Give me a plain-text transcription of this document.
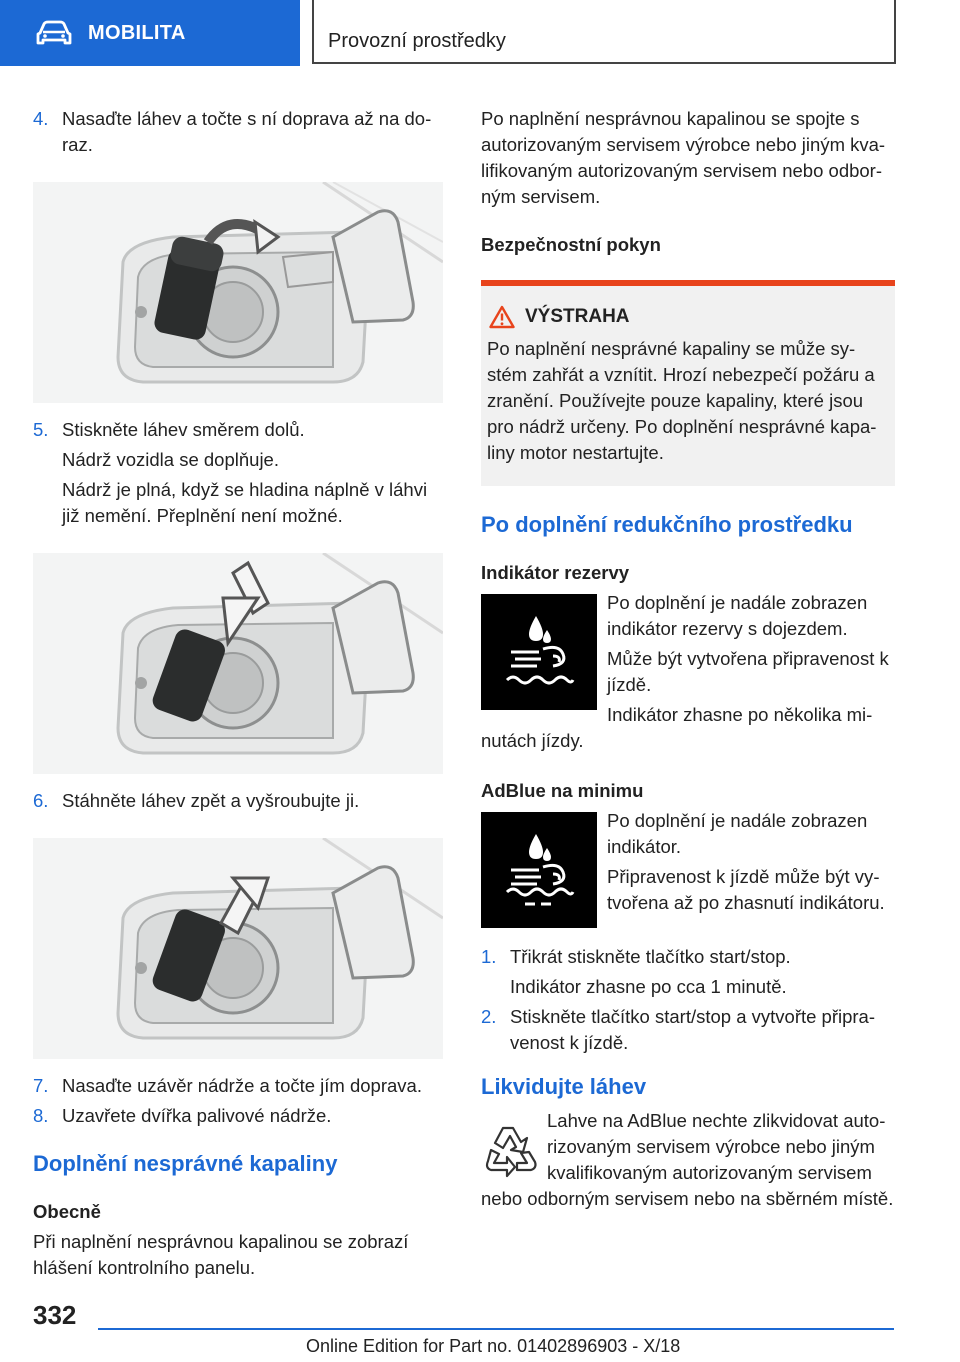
MOBILITA	Provozní prostředky
4. Nasaďte láhev a točte s ní doprava až na doraz.
5. Stiskněte láhev směrem dolů.
Nádrž vozidla se doplňuje.
Nádrž je plná, když se hladina náplně v láhvi již nemění. Přeplnění není možné.
6. Stáhněte láhev zpět a vyšroubujte ji.
7. Nasaďte uzávěr nádrže a točte jím doprava.
8. Uzavřete dvířka palivové nádrže.
Doplnění nesprávné kapaliny
Obecně

Při naplnění nesprávnou kapalinou se zobrazí hlášení kontrolního panelu.

Po naplnění nesprávnou kapalinou se spojte s autorizovaným servisem výrobce nebo jiným kvalifikovaným autorizovaným servisem nebo odborným servisem.

Bezpečnostní pokyn
VÝSTRAHA

Po naplnění nesprávné kapaliny se může systém zahřát a vznítit. Hrozí nebezpečí požáru a zranění. Používejte pouze kapaliny, které jsou pro nádrž určeny. Po doplnění nesprávné kapaliny motor nestartujte.

Po doplnění redukčního prostředku
Indikátor rezervy

Po doplnění je nadále zobrazen indikátor rezervy s dojezdem.

Může být vytvořena připravenost k jízdě.

Indikátor zhasne po několika minutách jízdy.

AdBlue na minimu

Po doplnění je nadále zobrazen indikátor.

Připravenost k jízdě může být vytvořena až po zhasnutí indikátoru.

1. Třikrát stiskněte tlačítko start/stop.
Indikátor zhasne po cca 1 minutě.
2. Stiskněte tlačítko start/stop a vytvořte připravenost k jízdě.
Likvidujte láhev

Lahve na AdBlue nechte zlikvidovat autorizovaným servisem výrobce nebo jiným kvalifikovaným autorizovaným servisem nebo odborným servisem nebo na sběrném místě.

332
Online Edition for Part no. 01402896903 - X/18
